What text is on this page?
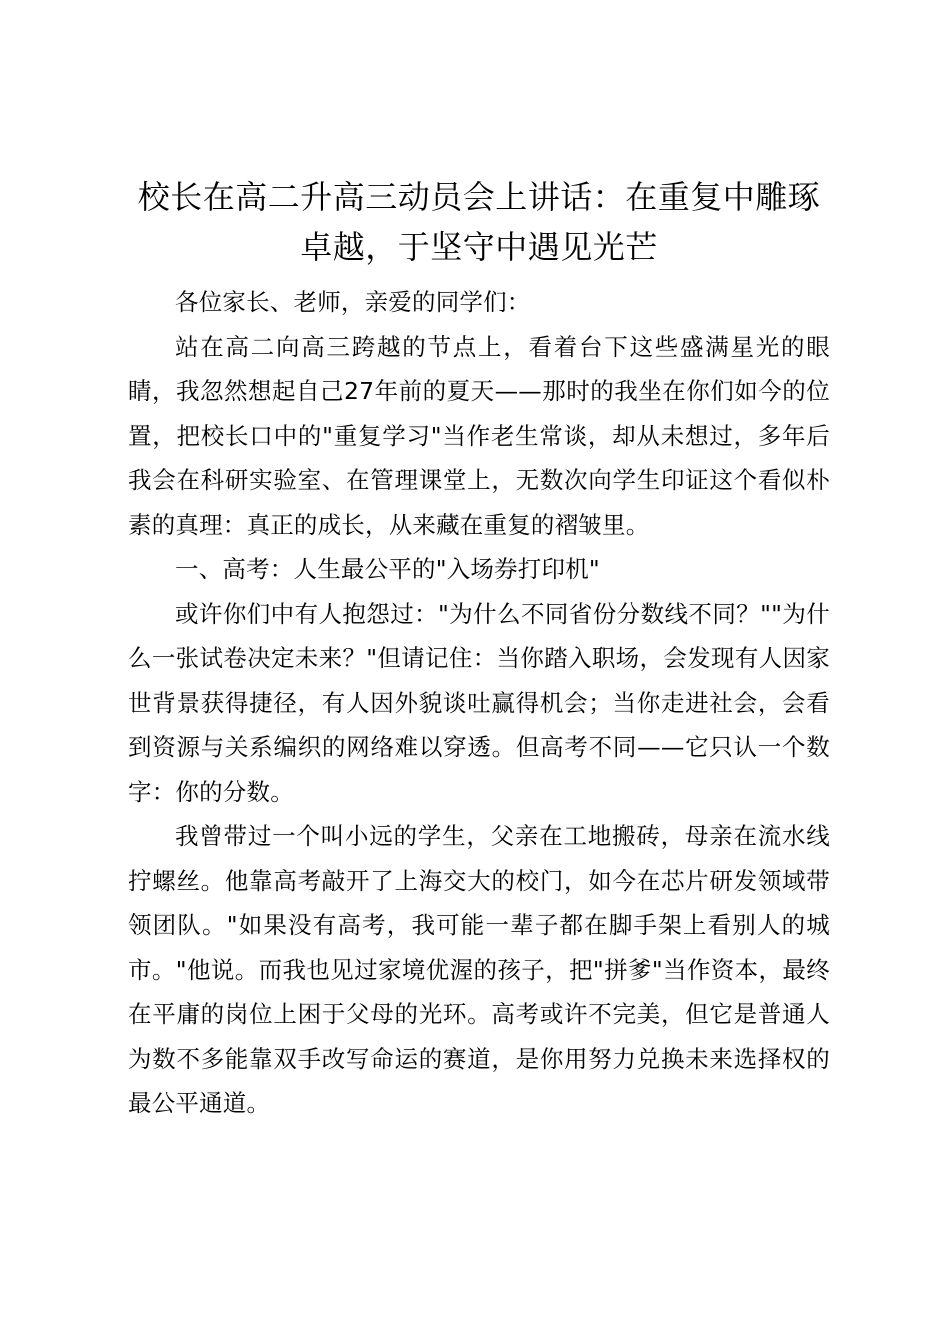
校长在高二升高三动员会上讲话：在重复中雕琢卓越，于坚守中遇见光芒

各位家长、老师，亲爱的同学们：

站在高二向高三跨越的节点上，看着台下这些盛满星光的眼睛，我忽然想起自己27年前的夏天——那时的我坐在你们如今的位置，把校长口中的"重复学习"当作老生常谈，却从未想过，多年后我会在科研实验室、在管理课堂上，无数次向学生印证这个看似朴素的真理：真正的成长，从来藏在重复的褶皱里。

一、高考：人生最公平的"入场券打印机"

或许你们中有人抱怨过："为什么不同省份分数线不同？""为什么一张试卷决定未来？"但请记住：当你踏入职场，会发现有人因家世背景获得捷径，有人因外貌谈吐赢得机会；当你走进社会，会看到资源与关系编织的网络难以穿透。但高考不同——它只认一个数字：你的分数。

我曾带过一个叫小远的学生，父亲在工地搬砖，母亲在流水线拧螺丝。他靠高考敲开了上海交大的校门，如今在芯片研发领域带领团队。"如果没有高考，我可能一辈子都在脚手架上看别人的城市。"他说。而我也见过家境优渥的孩子，把"拼爹"当作资本，最终在平庸的岗位上困于父母的光环。高考或许不完美，但它是普通人为数不多能靠双手改写命运的赛道，是你用努力兑换未来选择权的最公平通道。
